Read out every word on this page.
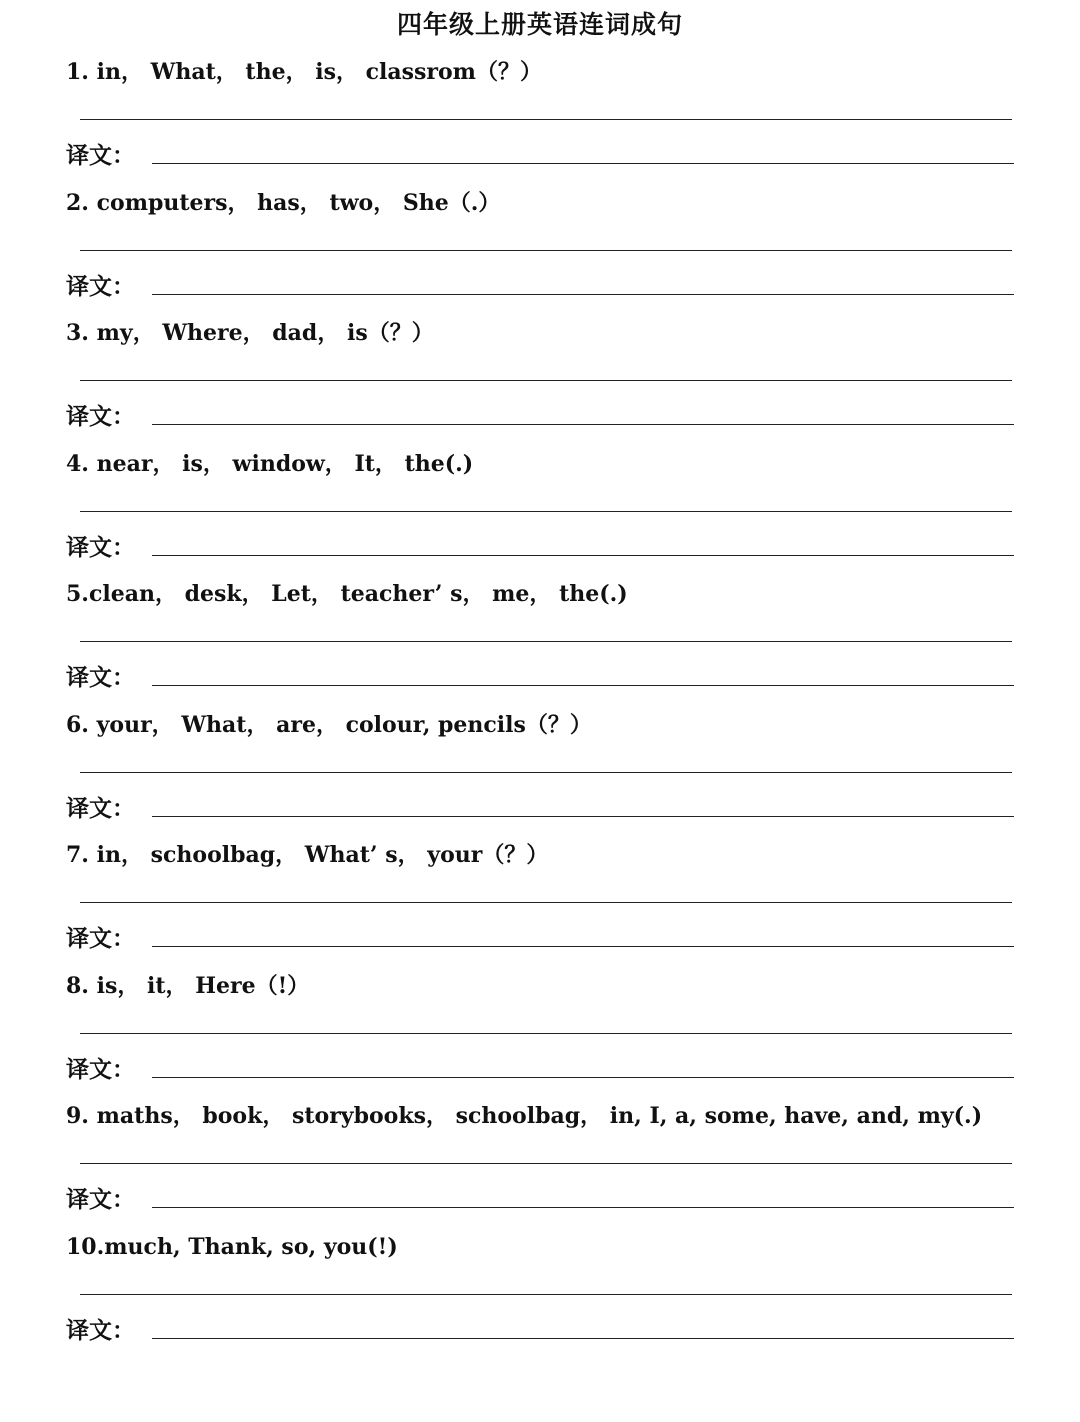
四年级上册英语连词成句
1. in， What， the， is， classrom（？）
译文：
2. computers， has， two， She（.）
译文：
3. my， Where， dad， is（？）
译文：
4. near， is， window， It， the(.)
译文：
5.clean， desk， Let， teacher’ s， me， the(.)
译文：
6. your， What， are， colour, pencils（？）
译文：
7. in， schoolbag， What’ s， your（？）
译文：
8. is， it， Here（!）
译文：
9. maths， book， storybooks， schoolbag， in, I, a, some, have, and, my(.)
译文：
10.much, Thank, so, you(!)
译文：
